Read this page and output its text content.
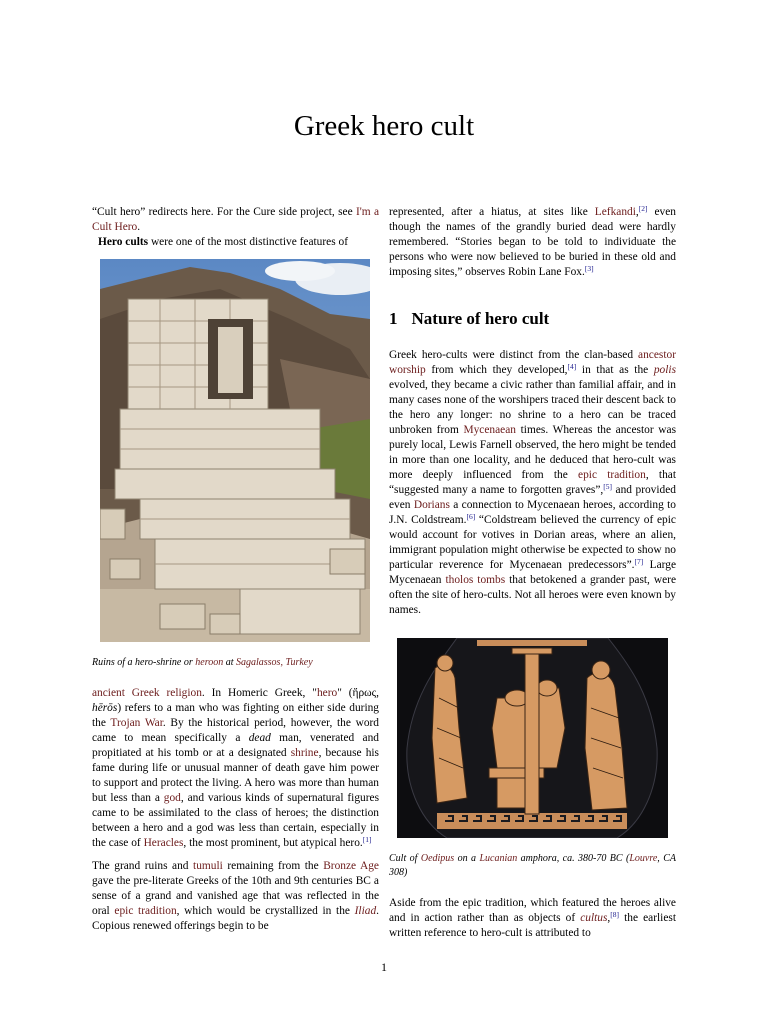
Greek hero cult

“Cult hero” redirects here. For the Cure side project, see I'm a Cult Hero.

Hero cults were one of the most distinctive features of

Ruins of a hero-shrine or heroon at Sagalassos, Turkey

ancient Greek religion. In Homeric Greek, "hero" (ἥρως, hērōs) refers to a man who was fighting on either side during the Trojan War. By the historical period, however, the word came to mean specifically a dead man, venerated and propitiated at his tomb or at a designated shrine, because his fame during life or unusual manner of death gave him power to support and protect the living. A hero was more than human but less than a god, and various kinds of supernatural figures came to be assimilated to the class of heroes; the distinction between a hero and a god was less than certain, especially in the case of Heracles, the most prominent, but atypical hero.[1]

The grand ruins and tumuli remaining from the Bronze Age gave the pre-literate Greeks of the 10th and 9th centuries BC a sense of a grand and vanished age that was reflected in the oral epic tradition, which would be crystallized in the Iliad. Copious renewed offerings begin to be

represented, after a hiatus, at sites like Lefkandi,[2] even though the names of the grandly buried dead were hardly remembered. “Stories began to be told to individuate the persons who were now believed to be buried in these old and imposing sites,” observes Robin Lane Fox.[3]

1 Nature of hero cult

Greek hero-cults were distinct from the clan-based ancestor worship from which they developed,[4] in that as the polis evolved, they became a civic rather than familial affair, and in many cases none of the worshipers traced their descent back to the hero any longer: no shrine to a hero can be traced unbroken from Mycenaean times. Whereas the ancestor was purely local, Lewis Farnell observed, the hero might be tended in more than one locality, and he deduced that hero-cult was more deeply influenced from the epic tradition, that “suggested many a name to forgotten graves”,[5] and provided even Dorians a connection to Mycenaean heroes, according to J.N. Coldstream.[6] “Coldstream believed the currency of epic would account for votives in Dorian areas, where an alien, immigrant population might otherwise be expected to show no particular reverence for Mycenaean predecessors”.[7] Large Mycenaean tholos tombs that betokened a grander past, were often the site of hero-cults. Not all heroes were even known by names.

Cult of Oedipus on a Lucanian amphora, ca. 380-70 BC (Louvre, CA 308)

Aside from the epic tradition, which featured the heroes alive and in action rather than as objects of cultus,[8] the earliest written reference to hero-cult is attributed to

1
